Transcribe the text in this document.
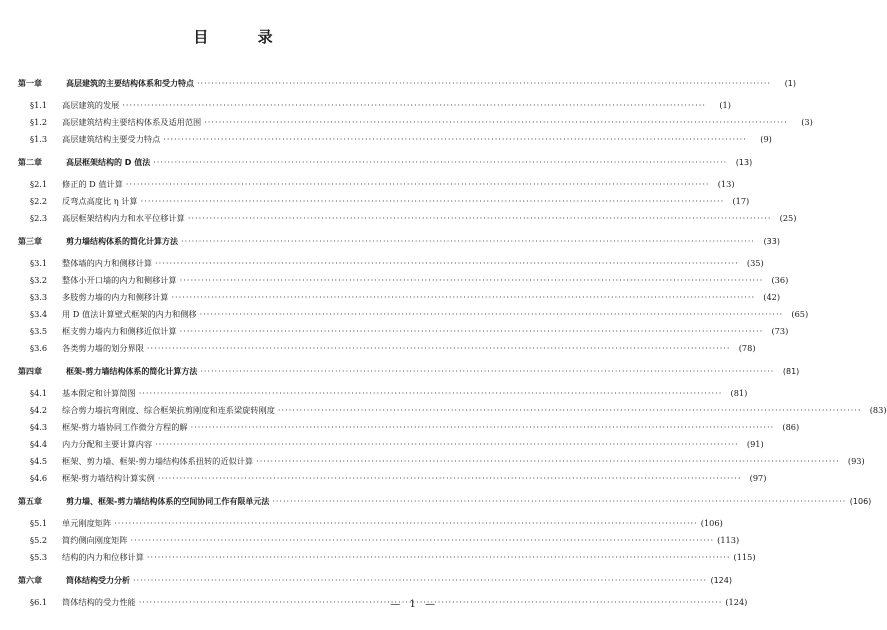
目 录
第一章	高层建筑的主要结构体系和受力特点 ·····	(1)
§1.1	高层建筑的发展 ·····	(1)
§1.2	高层建筑结构主要结构体系及适用范围 ·····	(3)
§1.3	高层建筑结构主要受力特点 ·····	(9)
第二章	高层框架结构的 D 值法 ·····	(13)
§2.1	修正的 D 值计算 ·····	(13)
§2.2	反弯点高度比 η 计算 ·····	(17)
§2.3	高层框架结构内力和水平位移计算 ·····	(25)
第三章	剪力墙结构体系的简化计算方法 ·····	(33)
§3.1	整体墙的内力和侧移计算 ·····	(35)
§3.2	整体小开口墙的内力和侧移计算 ·····	(36)
§3.3	多肢剪力墙的内力和侧移计算 ·····	(42)
§3.4	用 D 值法计算壁式框架的内力和侧移 ·····	(65)
§3.5	框支剪力墙内力和侧移近似计算 ·····	(73)
§3.6	各类剪力墙的划分界限 ·····	(78)
第四章	框架-剪力墙结构体系的简化计算方法 ·····	(81)
§4.1	基本假定和计算简图 ·····	(81)
§4.2	综合剪力墙抗弯刚度、综合框架抗剪刚度和连系梁旋转刚度 ·····	(83)
§4.3	框架-剪力墙协同工作微分方程的解 ·····	(86)
§4.4	内力分配和主要计算内容 ·····	(91)
§4.5	框架、剪力墙、框架-剪力墙结构体系扭转的近似计算 ·····	(93)
§4.6	框架-剪力墙结构计算实例 ·····	(97)
第五章	剪力墙、框架-剪力墙结构体系的空间协同工作有限单元法 ·····	(106)
§5.1	单元刚度矩阵 ·····	(106)
§5.2	简约侧向刚度矩阵 ·····	(113)
§5.3	结构的内力和位移计算 ·····	(115)
第六章	筒体结构受力分析 ·····	(124)
§6.1	筒体结构的受力性能 ·····	(124)
— 1 —
